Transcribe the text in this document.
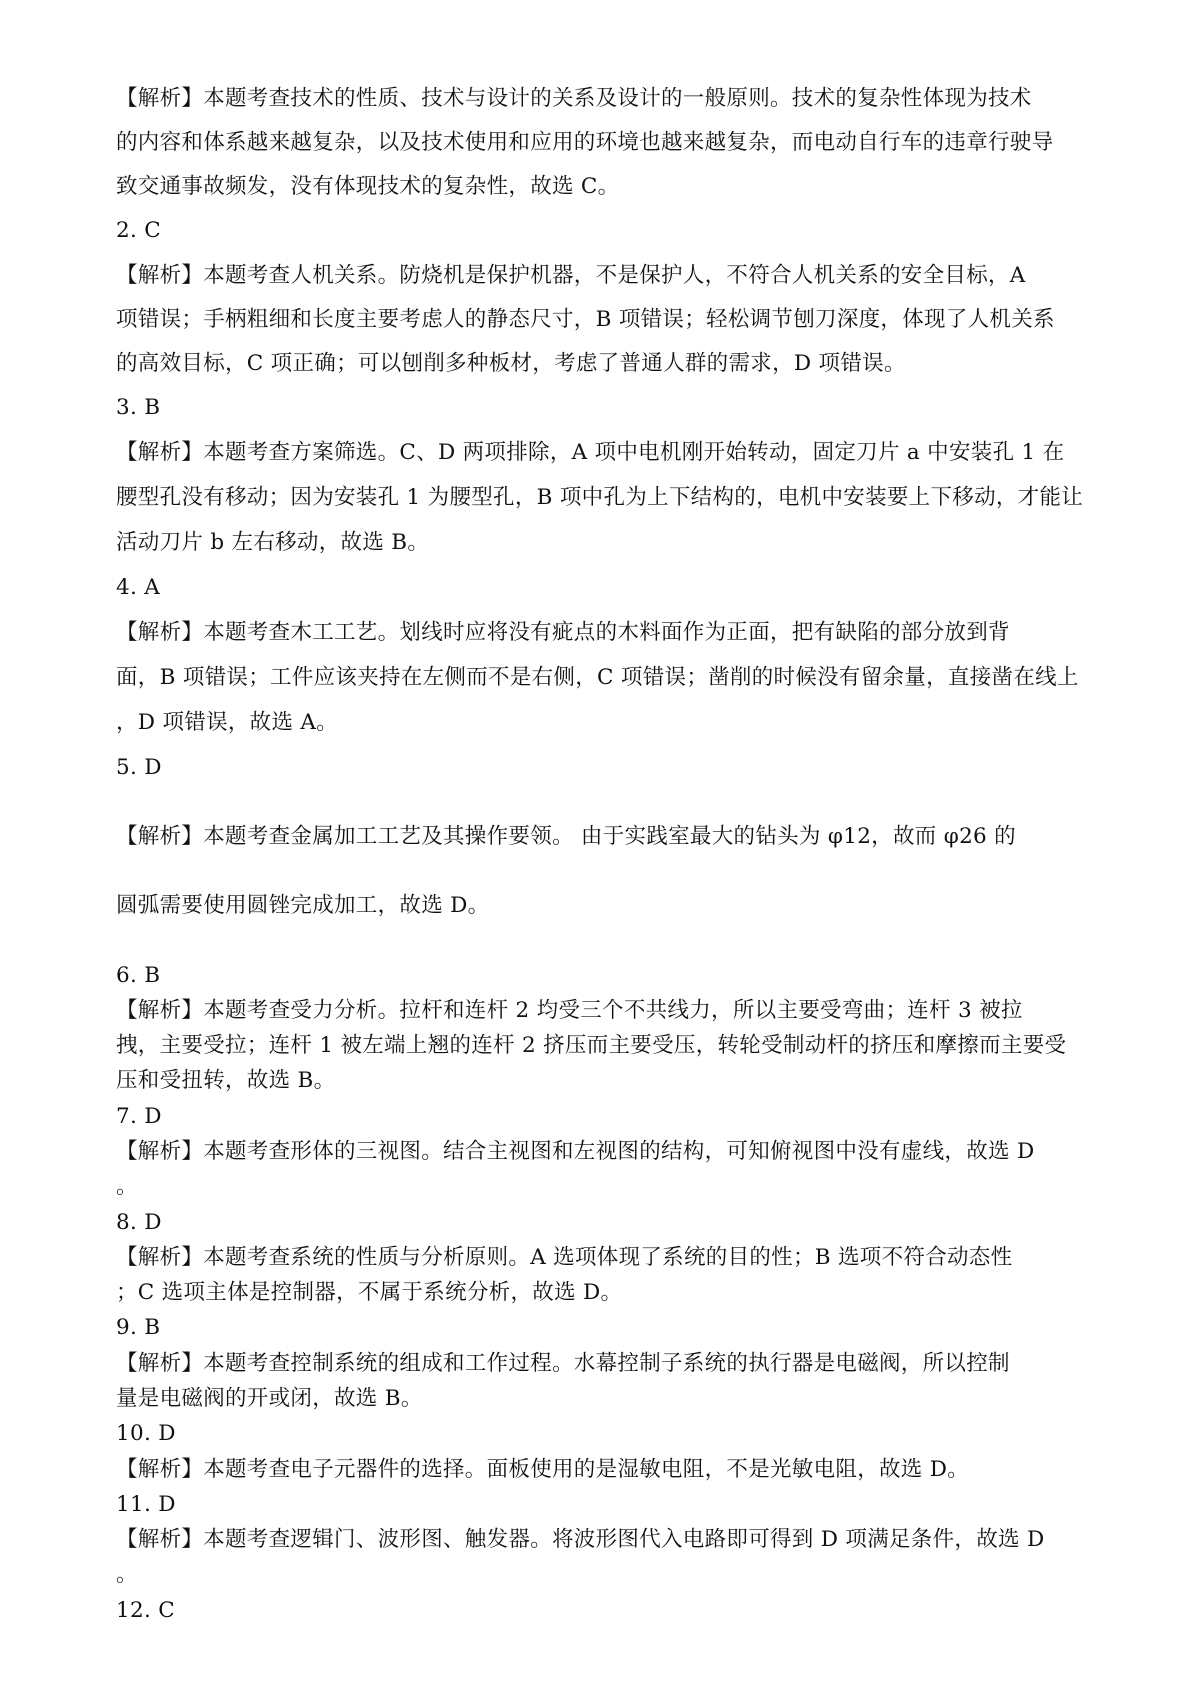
【解析】本题考查技术的性质、技术与设计的关系及设计的一般原则。技术的复杂性体现为技术
的内容和体系越来越复杂，以及技术使用和应用的环境也越来越复杂，而电动自行车的违章行驶导
致交通事故频发，没有体现技术的复杂性，故选 C。
2. C
【解析】本题考查人机关系。防烧机是保护机器，不是保护人，不符合人机关系的安全目标，A
项错误；手柄粗细和长度主要考虑人的静态尺寸，B 项错误；轻松调节刨刀深度，体现了人机关系
的高效目标，C 项正确；可以刨削多种板材，考虑了普通人群的需求，D 项错误。
3. B
【解析】本题考查方案筛选。C、D 两项排除，A 项中电机刚开始转动，固定刀片 a 中安装孔 1 在
腰型孔没有移动；因为安装孔 1 为腰型孔，B 项中孔为上下结构的，电机中安装要上下移动，才能让
活动刀片 b 左右移动，故选 B。
4. A
【解析】本题考查木工工艺。划线时应将没有疵点的木料面作为正面，把有缺陷的部分放到背
面，B 项错误；工件应该夹持在左侧而不是右侧，C 项错误；凿削的时候没有留余量，直接凿在线上
，D 项错误，故选 A。
5. D
【解析】本题考查金属加工工艺及其操作要领。 由于实践室最大的钻头为 φ12，故而 φ26 的
圆弧需要使用圆锉完成加工，故选 D。
6. B
【解析】本题考查受力分析。拉杆和连杆 2 均受三个不共线力，所以主要受弯曲；连杆 3 被拉
拽，主要受拉；连杆 1 被左端上翘的连杆 2 挤压而主要受压，转轮受制动杆的挤压和摩擦而主要受
压和受扭转，故选 B。
7. D
【解析】本题考查形体的三视图。结合主视图和左视图的结构，可知俯视图中没有虚线，故选 D
。
8. D
【解析】本题考查系统的性质与分析原则。A 选项体现了系统的目的性；B 选项不符合动态性
；C 选项主体是控制器，不属于系统分析，故选 D。
9. B
【解析】本题考查控制系统的组成和工作过程。水幕控制子系统的执行器是电磁阀，所以控制
量是电磁阀的开或闭，故选 B。
10. D
【解析】本题考查电子元器件的选择。面板使用的是湿敏电阻，不是光敏电阻，故选 D。
11. D
【解析】本题考查逻辑门、波形图、触发器。将波形图代入电路即可得到 D 项满足条件，故选 D
。
12. C
